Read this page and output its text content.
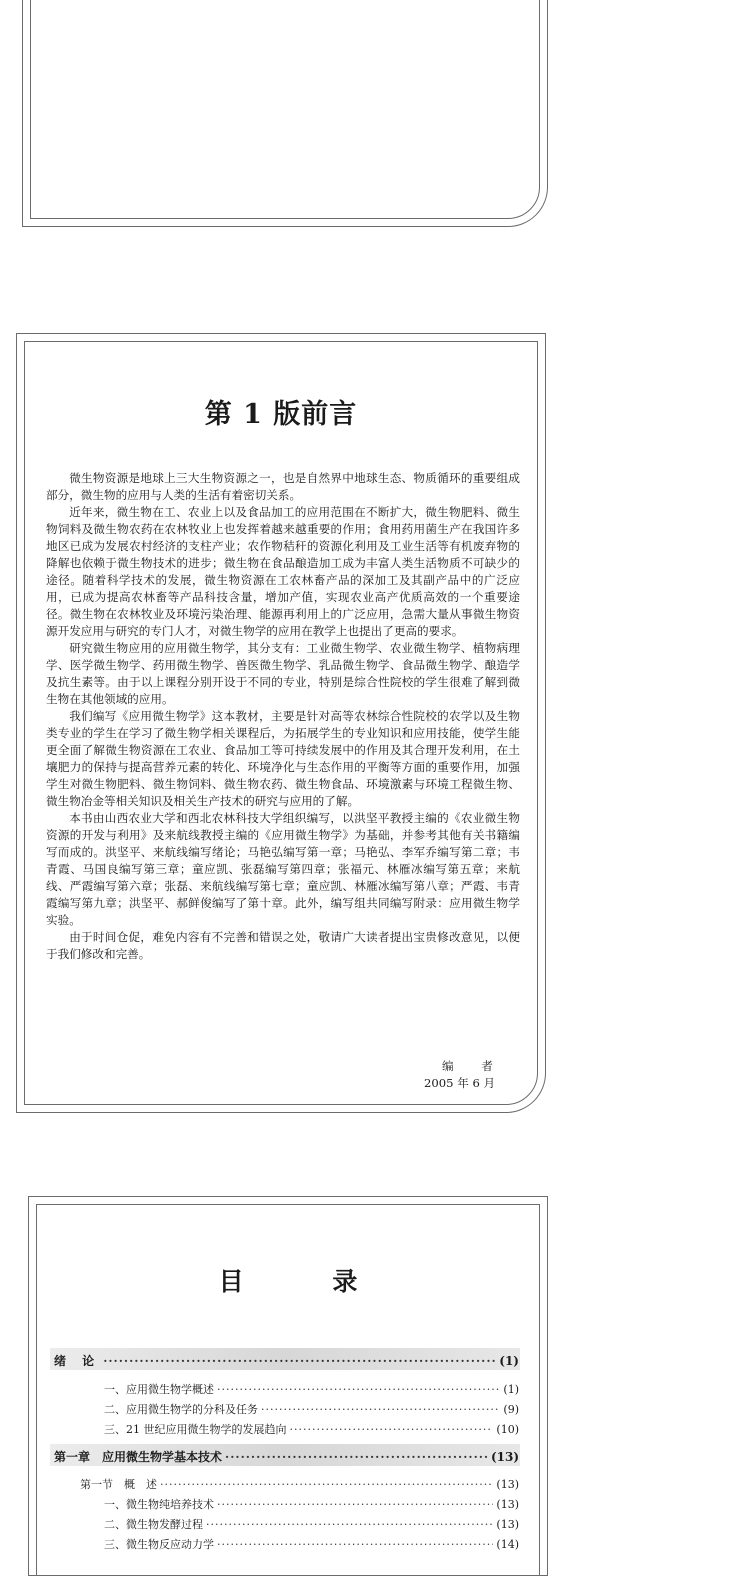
第 1 版前言

微生物资源是地球上三大生物资源之一，也是自然界中地球生态、物质循环的重要组成部分，微生物的应用与人类的生活有着密切关系。

近年来，微生物在工、农业上以及食品加工的应用范围在不断扩大，微生物肥料、微生物饲料及微生物农药在农林牧业上也发挥着越来越重要的作用；食用药用菌生产在我国许多地区已成为发展农村经济的支柱产业；农作物秸秆的资源化利用及工业生活等有机废弃物的降解也依赖于微生物技术的进步；微生物在食品酿造加工成为丰富人类生活物质不可缺少的途径。随着科学技术的发展，微生物资源在工农林畜产品的深加工及其副产品中的广泛应用，已成为提高农林畜等产品科技含量，增加产值，实现农业高产优质高效的一个重要途径。微生物在农林牧业及环境污染治理、能源再利用上的广泛应用，急需大量从事微生物资源开发应用与研究的专门人才，对微生物学的应用在教学上也提出了更高的要求。

研究微生物应用的应用微生物学，其分支有：工业微生物学、农业微生物学、植物病理学、医学微生物学、药用微生物学、兽医微生物学、乳品微生物学、食品微生物学、酿造学及抗生素等。由于以上课程分别开设于不同的专业，特别是综合性院校的学生很难了解到微生物在其他领域的应用。

我们编写《应用微生物学》这本教材，主要是针对高等农林综合性院校的农学以及生物类专业的学生在学习了微生物学相关课程后，为拓展学生的专业知识和应用技能，使学生能更全面了解微生物资源在工农业、食品加工等可持续发展中的作用及其合理开发利用，在土壤肥力的保持与提高营养元素的转化、环境净化与生态作用的平衡等方面的重要作用，加强学生对微生物肥料、微生物饲料、微生物农药、微生物食品、环境激素与环境工程微生物、微生物冶金等相关知识及相关生产技术的研究与应用的了解。

本书由山西农业大学和西北农林科技大学组织编写，以洪坚平教授主编的《农业微生物资源的开发与利用》及来航线教授主编的《应用微生物学》为基础，并参考其他有关书籍编写而成的。洪坚平、来航线编写绪论；马艳弘编写第一章；马艳弘、李军乔编写第二章；韦青霞、马国良编写第三章；童应凯、张磊编写第四章；张福元、林雁冰编写第五章；来航线、严霞编写第六章；张磊、来航线编写第七章；童应凯、林雁冰编写第八章；严霞、韦青霞编写第九章；洪坚平、郝鲜俊编写了第十章。此外，编写组共同编写附录：应用微生物学实验。

由于时间仓促，难免内容有不完善和错误之处，敬请广大读者提出宝贵修改意见，以便于我们修改和完善。

编 者
2005 年 6 月
目 录
绪 论 ·····	(1)
一、应用微生物学概述 ·····	(1)
二、应用微生物学的分科及任务 ·····	(9)
三、21 世纪应用微生物学的发展趋向 ·····	(10)
第一章 应用微生物学基本技术 ·····	(13)
第一节　概　述 ·····	(13)
一、微生物纯培养技术 ·····	(13)
二、微生物发酵过程 ·····	(13)
三、微生物反应动力学 ·····	(14)
